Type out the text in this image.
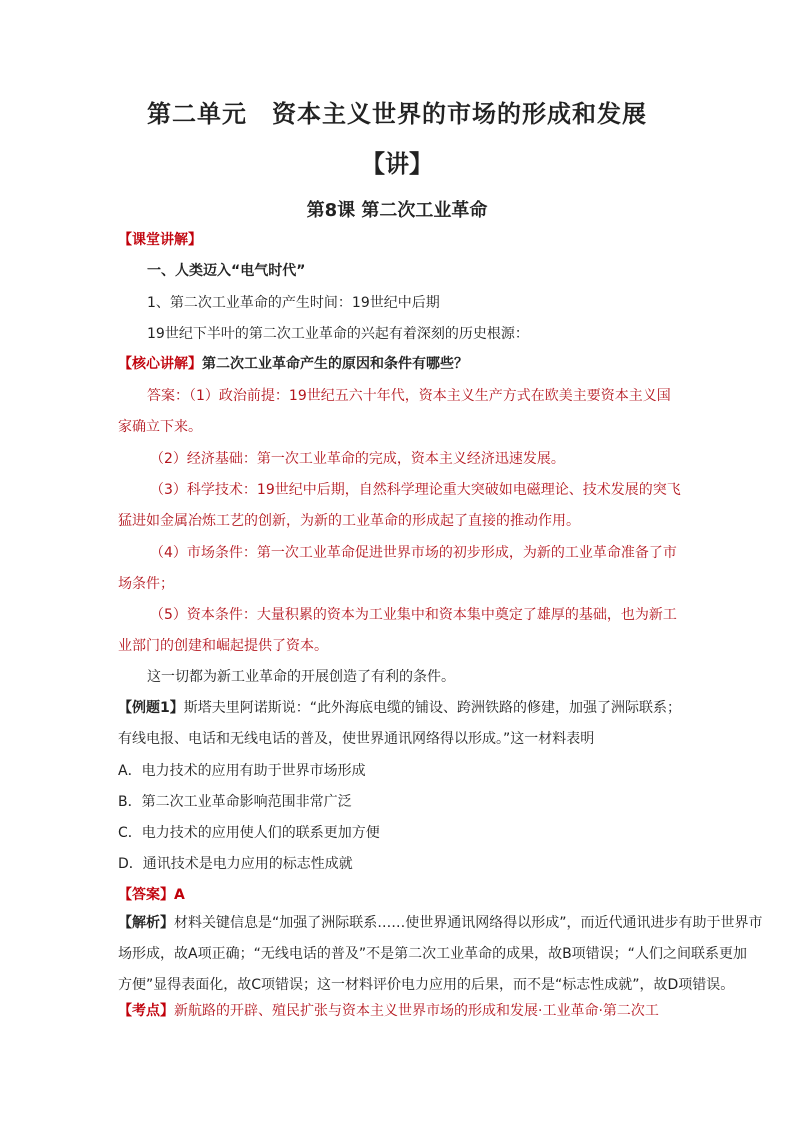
第二单元　资本主义世界的市场的形成和发展
【讲】
第8课 第二次工业革命
【课堂讲解】
一、人类迈入“电气时代”
1、第二次工业革命的产生时间：19世纪中后期
19世纪下半叶的第二次工业革命的兴起有着深刻的历史根源：
【核心讲解】第二次工业革命产生的原因和条件有哪些？
答案：（1）政治前提：19世纪五六十年代，资本主义生产方式在欧美主要资本主义国
家确立下来。
（2）经济基础：第一次工业革命的完成，资本主义经济迅速发展。
（3）科学技术：19世纪中后期，自然科学理论重大突破如电磁理论、技术发展的突飞
猛进如金属冶炼工艺的创新，为新的工业革命的形成起了直接的推动作用。
（4）市场条件：第一次工业革命促进世界市场的初步形成，为新的工业革命准备了市
场条件；
（5）资本条件：大量积累的资本为工业集中和资本集中奠定了雄厚的基础，也为新工
业部门的创建和崛起提供了资本。
这一切都为新工业革命的开展创造了有利的条件。
【例题1】斯塔夫里阿诺斯说：“此外海底电缆的铺设、跨洲铁路的修建，加强了洲际联系；
有线电报、电话和无线电话的普及，使世界通讯网络得以形成。”这一材料表明
A．电力技术的应用有助于世界市场形成
B．第二次工业革命影响范围非常广泛
C．电力技术的应用使人们的联系更加方便
D．通讯技术是电力应用的标志性成就
【答案】A
【解析】材料关键信息是“加强了洲际联系……使世界通讯网络得以形成”，而近代通讯进步有助于世界市
场形成，故A项正确；“无线电话的普及”不是第二次工业革命的成果，故B项错误；“人们之间联系更加
方便”显得表面化，故C项错误；这一材料评价电力应用的后果，而不是“标志性成就”，故D项错误。
【考点】新航路的开辟、殖民扩张与资本主义世界市场的形成和发展·工业革命·第二次工
